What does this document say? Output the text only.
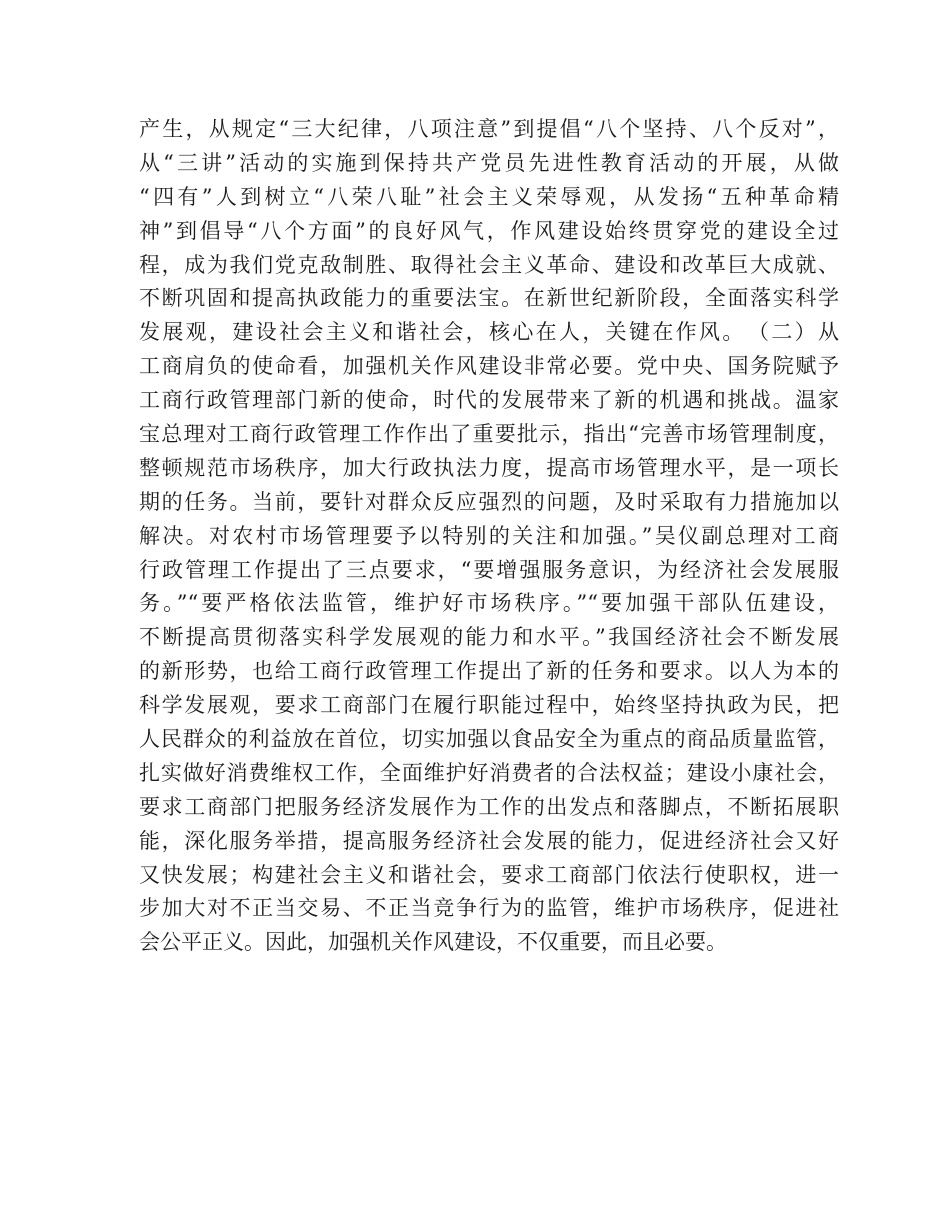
产生，从规定“三大纪律，八项注意”到提倡“八个坚持、八个反对”，
从“三讲”活动的实施到保持共产党员先进性教育活动的开展，从做
“四有”人到树立“八荣八耻”社会主义荣辱观，从发扬“五种革命精
神”到倡导“八个方面”的良好风气，作风建设始终贯穿党的建设全过
程，成为我们党克敌制胜、取得社会主义革命、建设和改革巨大成就、
不断巩固和提高执政能力的重要法宝。在新世纪新阶段，全面落实科学
发展观，建设社会主义和谐社会，核心在人，关键在作风。　（二）从
工商肩负的使命看，加强机关作风建设非常必要。党中央、国务院赋予
工商行政管理部门新的使命，时代的发展带来了新的机遇和挑战。温家
宝总理对工商行政管理工作作出了重要批示，指出“完善市场管理制度，
整顿规范市场秩序，加大行政执法力度，提高市场管理水平，是一项长
期的任务。当前，要针对群众反应强烈的问题，及时采取有力措施加以
解决。对农村市场管理要予以特别的关注和加强。”吴仪副总理对工商
行政管理工作提出了三点要求，“要增强服务意识，为经济社会发展服
务。”“要严格依法监管，维护好市场秩序。”“要加强干部队伍建设，
不断提高贯彻落实科学发展观的能力和水平。”我国经济社会不断发展
的新形势，也给工商行政管理工作提出了新的任务和要求。以人为本的
科学发展观，要求工商部门在履行职能过程中，始终坚持执政为民，把
人民群众的利益放在首位，切实加强以食品安全为重点的商品质量监管，
扎实做好消费维权工作，全面维护好消费者的合法权益；建设小康社会，
要求工商部门把服务经济发展作为工作的出发点和落脚点，不断拓展职
能，深化服务举措，提高服务经济社会发展的能力，促进经济社会又好
又快发展；构建社会主义和谐社会，要求工商部门依法行使职权，进一
步加大对不正当交易、不正当竞争行为的监管，维护市场秩序，促进社
会公平正义。因此，加强机关作风建设，不仅重要，而且必要。
